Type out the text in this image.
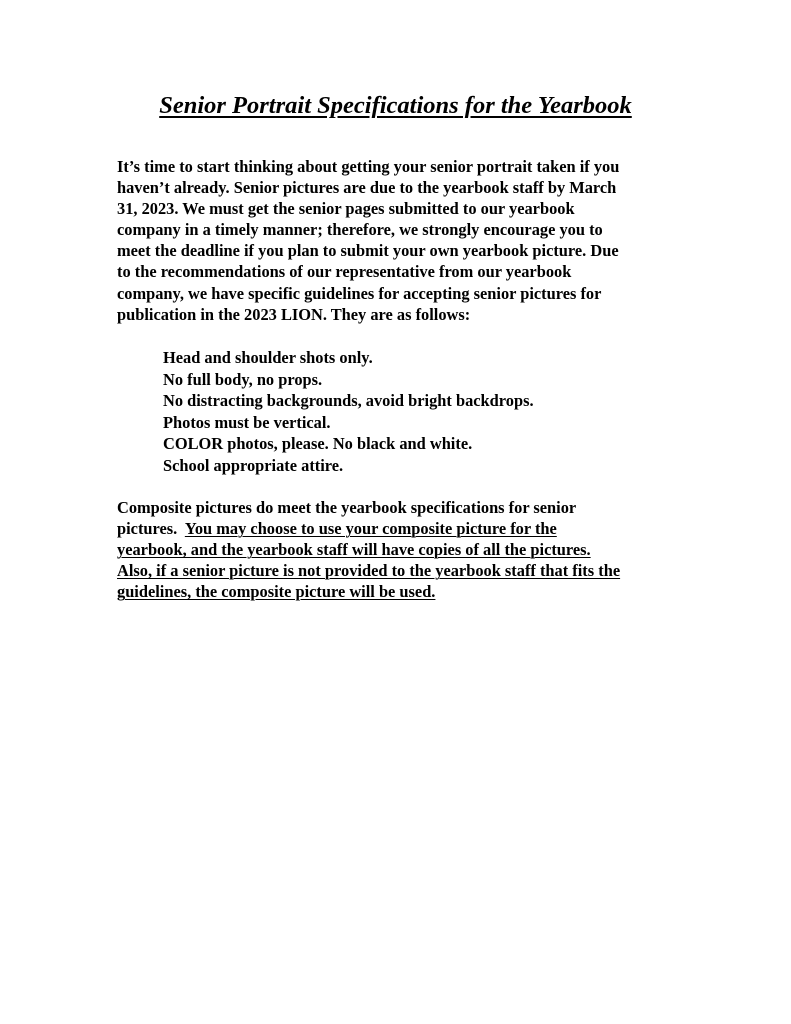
Senior Portrait Specifications for the Yearbook

It’s time to start thinking about getting your senior portrait taken if you
haven’t already. Senior pictures are due to the yearbook staff by March
31, 2023. We must get the senior pages submitted to our yearbook
company in a timely manner; therefore, we strongly encourage you to
meet the deadline if you plan to submit your own yearbook picture. Due
to the recommendations of our representative from our yearbook
company, we have specific guidelines for accepting senior pictures for
publication in the 2023 LION. They are as follows:

Head and shoulder shots only.
No full body, no props.
No distracting backgrounds, avoid bright backdrops.
Photos must be vertical.
COLOR photos, please. No black and white.
School appropriate attire.

Composite pictures do meet the yearbook specifications for senior
pictures.  You may choose to use your composite picture for the
yearbook, and the yearbook staff will have copies of all the pictures.
Also, if a senior picture is not provided to the yearbook staff that fits the
guidelines, the composite picture will be used.
